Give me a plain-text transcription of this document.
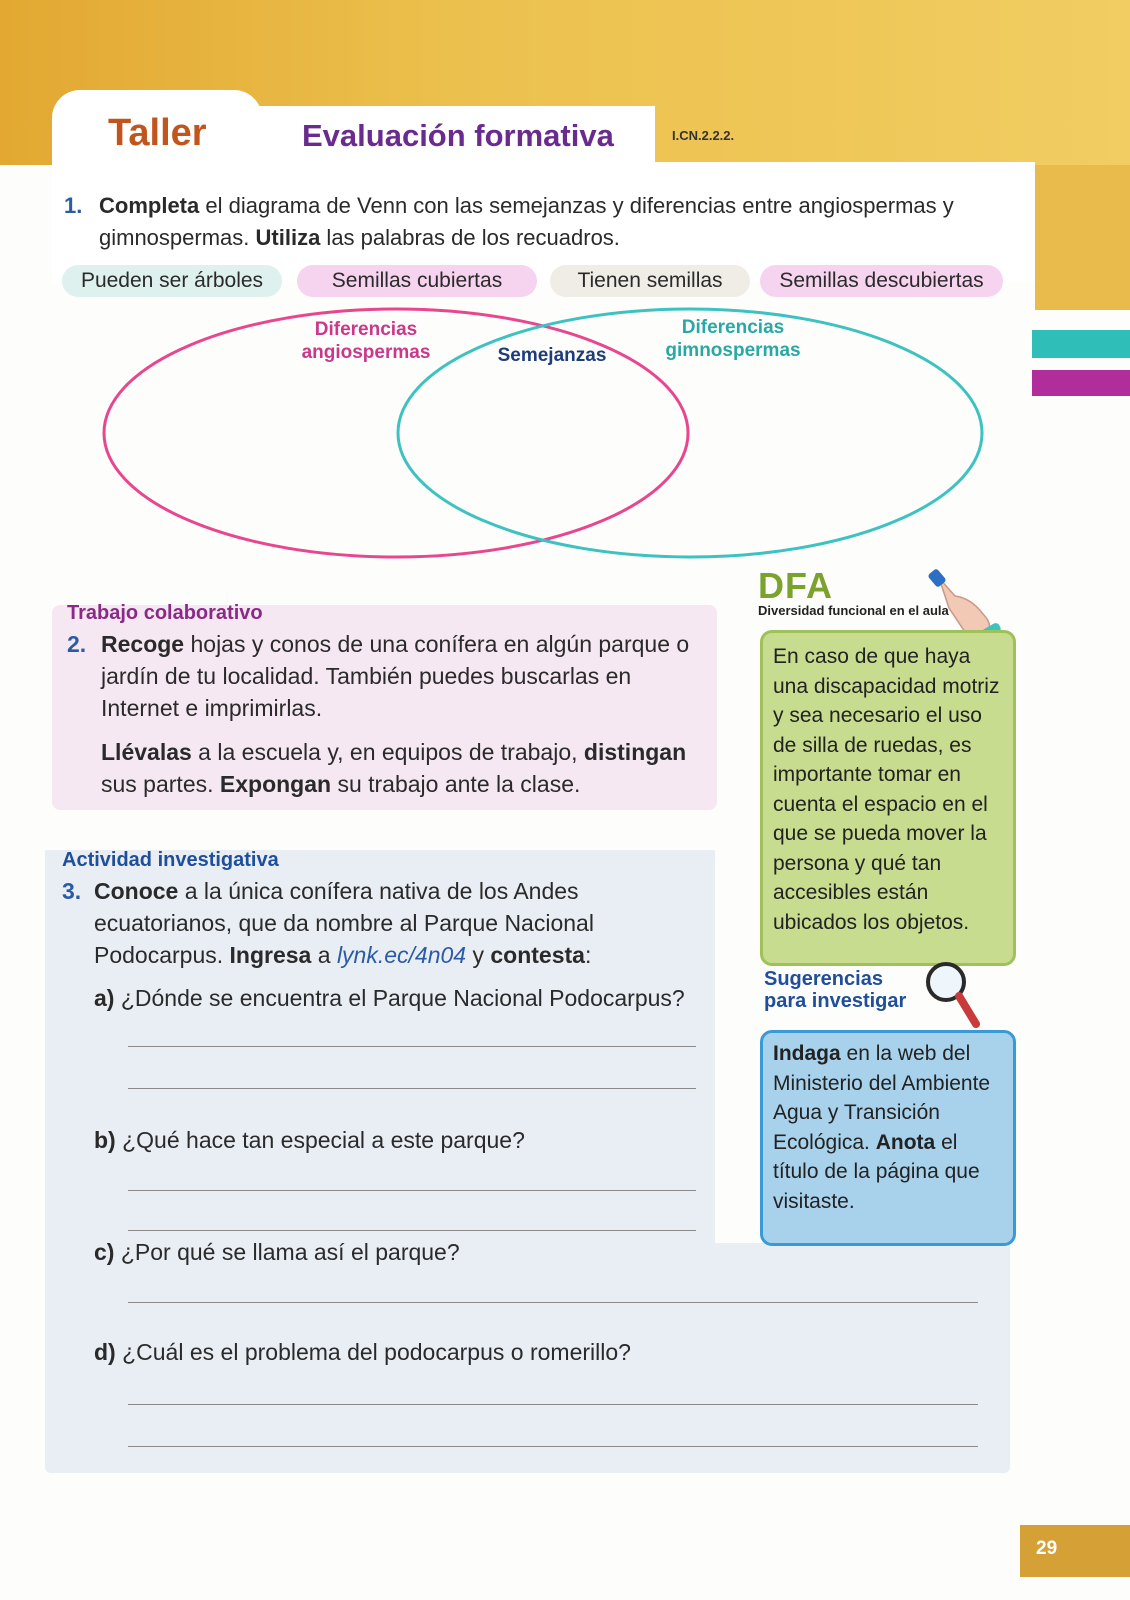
Taller	Evaluación formativa	I.CN.2.2.2.
1. Completa el diagrama de Venn con las semejanzas y diferencias entre angiospermas y gimnospermas. Utiliza las palabras de los recuadros.
Pueden ser árboles	Semillas cubiertas	Tienen semillas	Semillas descubiertas
Diferencias
angiospermas	Semejanzas
Diferencias
gimnospermas
Trabajo colaborativo
2. Recoge hojas y conos de una conífera en algún parque o jardín de tu localidad. También puedes buscarlas en Internet e imprimirlas.
Llévalas a la escuela y, en equipos de trabajo, distingan sus partes. Expongan su trabajo ante la clase.
Actividad investigativa
3. Conoce a la única conífera nativa de los Andes ecuatorianos, que da nombre al Parque Nacional Podocarpus. Ingresa a lynk.ec/4n04 y contesta:
a) ¿Dónde se encuentra el Parque Nacional Podocarpus?
b) ¿Qué hace tan especial a este parque?
c) ¿Por qué se llama así el parque?
d) ¿Cuál es el problema del podocarpus o romerillo?
DFA
Diversidad funcional en el aula
En caso de que haya una discapacidad motriz y sea necesario el uso de silla de ruedas, es importante tomar en cuenta el espacio en el que se pueda mover la persona y qué tan accesibles están ubicados los objetos.
Sugerencias
para investigar
Indaga en la web del Ministerio del Ambiente Agua y Transición Ecológica. Anota el título de la página que visitaste.
29
